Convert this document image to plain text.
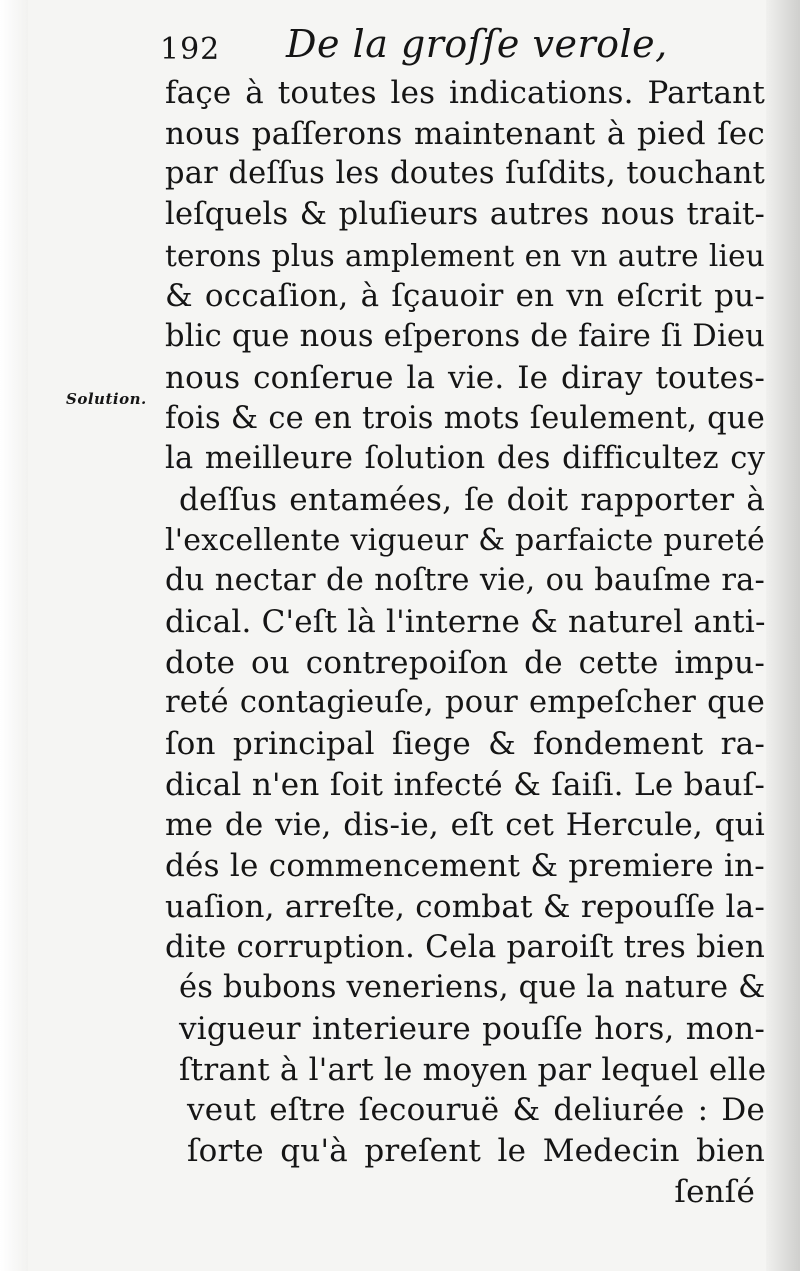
192 De la groſſe verole,
Solution.
façe à toutes les indications. Partant
nous paſſerons maintenant à pied ſec
par deſſus les doutes ſuſdits, touchant
leſquels & pluſieurs autres nous trait-
terons plus amplement en vn autre lieu
& occaſion, à ſçauoir en vn eſcrit pu-
blic que nous eſperons de faire ſi Dieu
nous conſerue la vie. Ie diray toutes-
fois & ce en trois mots ſeulement, que
la meilleure ſolution des difficultez cy
deſſus entamées, ſe doit rapporter à
l'excellente vigueur & parfaicte pureté
du nectar de noſtre vie, ou bauſme ra-
dical. C'eſt là l'interne & naturel anti-
dote ou contrepoiſon de cette impu-
reté contagieuſe, pour empeſcher que
ſon principal ſiege & fondement ra-
dical n'en ſoit infecté & ſaiſi. Le bauſ-
me de vie, dis-ie, eſt cet Hercule, qui
dés le commencement & premiere in-
uaſion, arreſte, combat & repouſſe la-
dite corruption. Cela paroiſt tres bien
és bubons veneriens, que la nature &
vigueur interieure pouſſe hors, mon-
ſtrant à l'art le moyen par lequel elle
veut eſtre ſecouruë & deliurée : De
ſorte qu'à preſent le Medecin bien
ſenſé
